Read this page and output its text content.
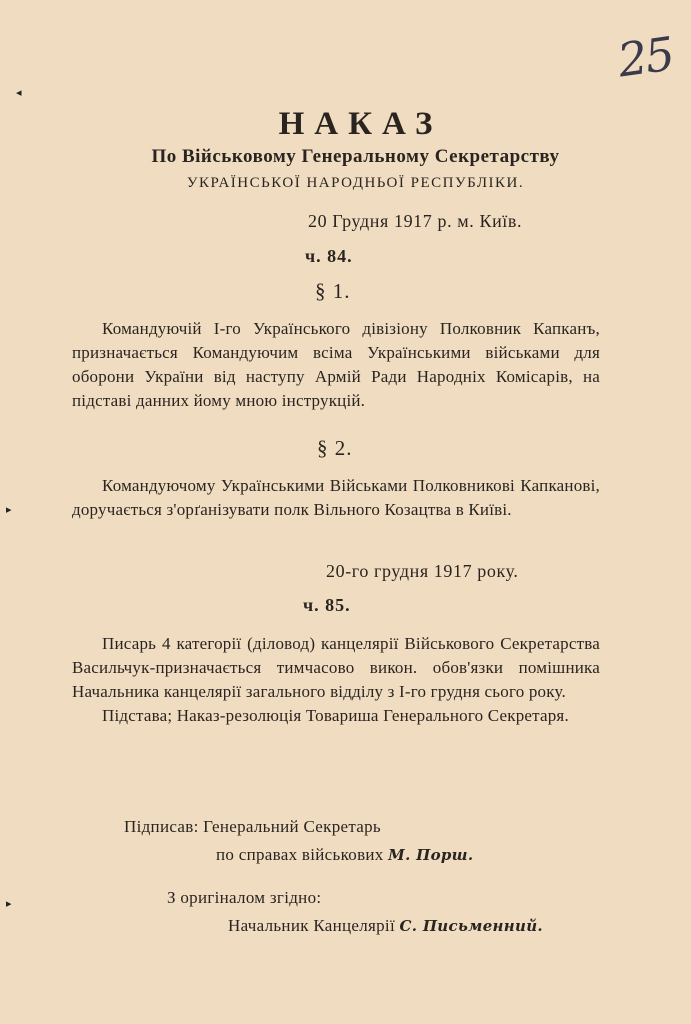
◂
▸
▸
25
НАКАЗ
По Військовому Генеральному Секретарству
УКРАЇНСЬКОЇ НАРОДНЬОЇ РЕСПУБЛІКИ.
20 Грудня 1917 р. м. Київ.
ч. 84.
§ 1.
Командуючій І-го Українського дівізіону Полковник Капканъ, призначається Командуючим всіма Українськими військами для оборони України від наступу Армій Ради Народніх Комісарів, на підставі данних йому мною інструкцій.
§ 2.
Командуючому Українськими Військами Полковникові Капканові, доручається з'орґанізувати полк Вільного Козацтва в Київі.
20-го грудня 1917 року.
ч. 85.
Писарь 4 категорії (діловод) канцелярії Військового Секретарства Васильчук-призначається тимчасово викон. обов'язки помішника Начальника канцелярії загального відділу з І-го грудня сього року.
Підстава; Наказ-резолюція Товариша Генерального Секретаря.
Підписав: Генеральний Секретарь
по справах військових М. Порш.
З оригіналом згідно:
Начальник Канцелярії С. Письменний.
